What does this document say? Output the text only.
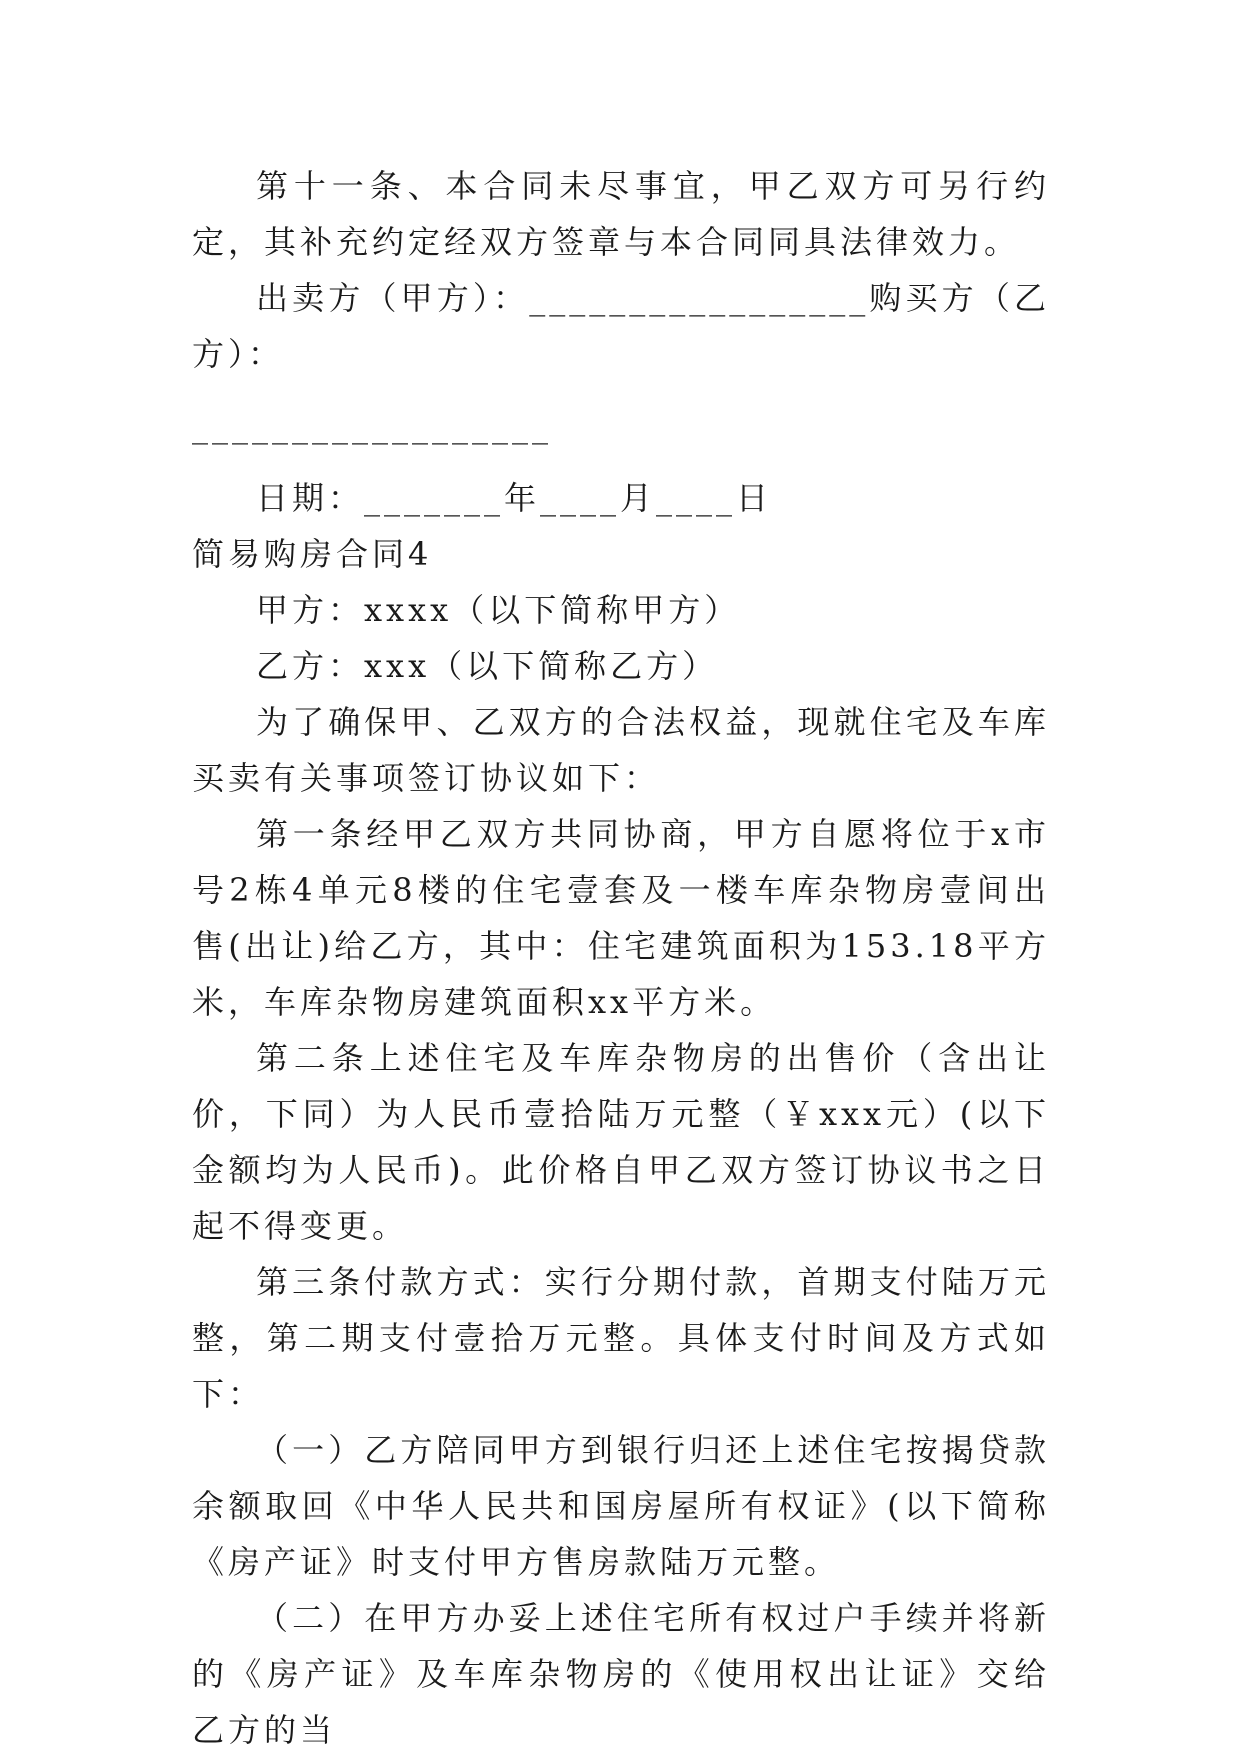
第十一条、本合同未尽事宜，甲乙双方可另行约定，其补充约定经双方签章与本合同同具法律效力。

出卖方（甲方）：_________________购买方（乙方）：

__________________

日期：_______年____月____日

简易购房合同4

甲方：xxxx（以下简称甲方）

乙方：xxx（以下简称乙方）

为了确保甲、乙双方的合法权益，现就住宅及车库买卖有关事项签订协议如下：

第一条经甲乙双方共同协商，甲方自愿将位于x市号2栋4单元8楼的住宅壹套及一楼车库杂物房壹间出售(出让)给乙方，其中：住宅建筑面积为153.18平方米，车库杂物房建筑面积xx平方米。

第二条上述住宅及车库杂物房的出售价（含出让价，下同）为人民币壹拾陆万元整（￥xxx元）(以下金额均为人民币)。此价格自甲乙双方签订协议书之日起不得变更。

第三条付款方式：实行分期付款，首期支付陆万元整，第二期支付壹拾万元整。具体支付时间及方式如下：

（一）乙方陪同甲方到银行归还上述住宅按揭贷款余额取回《中华人民共和国房屋所有权证》(以下简称《房产证》时支付甲方售房款陆万元整。

（二）在甲方办妥上述住宅所有权过户手续并将新的《房产证》及车库杂物房的《使用权出让证》交给乙方的当
